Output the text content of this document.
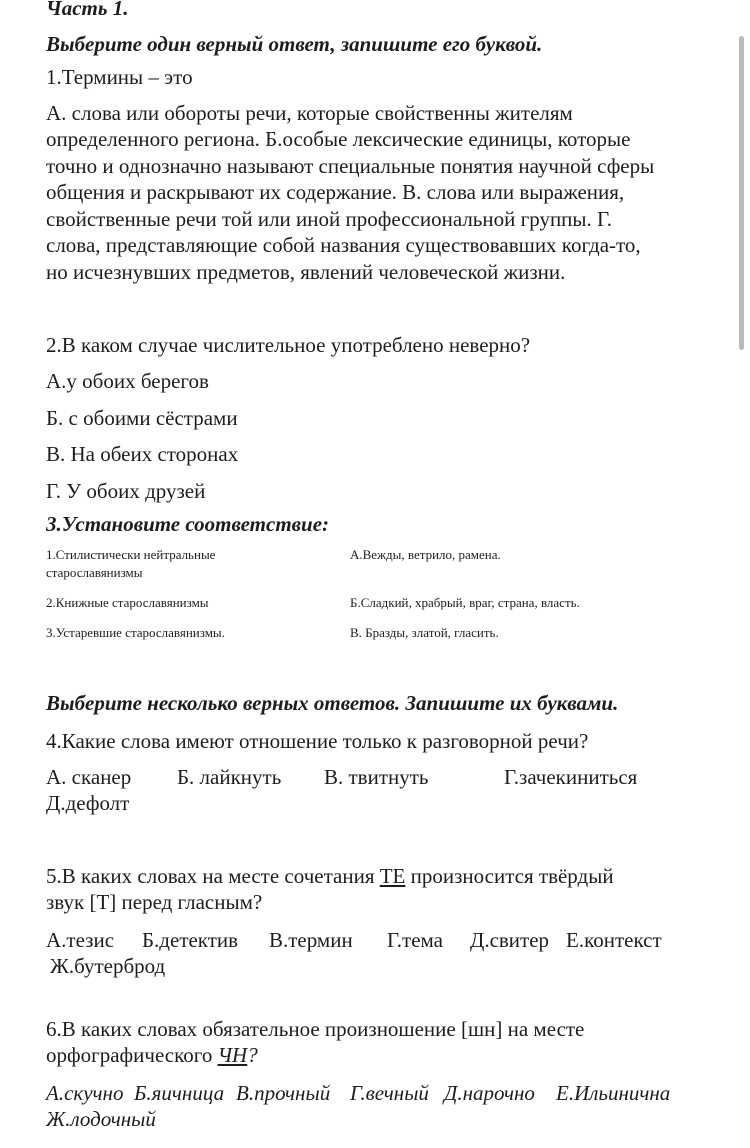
Часть 1.
Выберите один верный ответ, запишите его буквой.
1.Термины – это
А. слова или обороты речи, которые свойственны жителям
определенного региона. Б.особые лексические единицы, которые
точно и однозначно называют специальные понятия научной сферы
общения и раскрывают их содержание. В. слова или выражения,
свойственные речи той или иной профессиональной группы. Г.
слова, представляющие собой названия существовавших когда-то,
но исчезнувших предметов, явлений человеческой жизни.
2.В каком случае числительное употреблено неверно?
А.у обоих берегов
Б. с обоими сёстрами
В. На обеих сторонах
Г. У обоих друзей
3.Установите соответствие:
1.Стилистически нейтральные
старославянизмы
2.Книжные старославянизмы
3.Устаревшие старославянизмы.
А.Вежды, ветрило, рамена.
Б.Сладкий, храбрый, враг, страна, власть.
В. Бразды, златой, гласить.
Выберите несколько верных ответов. Запишите их буквами.
4.Какие слова имеют отношение только к разговорной речи?
А. сканер Б. лайкнуть В. твитнуть	Г.зачекиниться
Д.дефолт
5.В каких словах на месте сочетания ТЕ произносится твёрдый
звук [Т] перед гласным?
А.тезис Б.детектив В.термин Г.тема Д.свитер Е.контекст
Ж.бутерброд
6.В каких словах обязательное произношение [шн] на месте
орфографического ЧН?
А.скучно Б.яичница В.прочный Г.вечный Д.нарочно Е.Ильинична
Ж.лодочный
